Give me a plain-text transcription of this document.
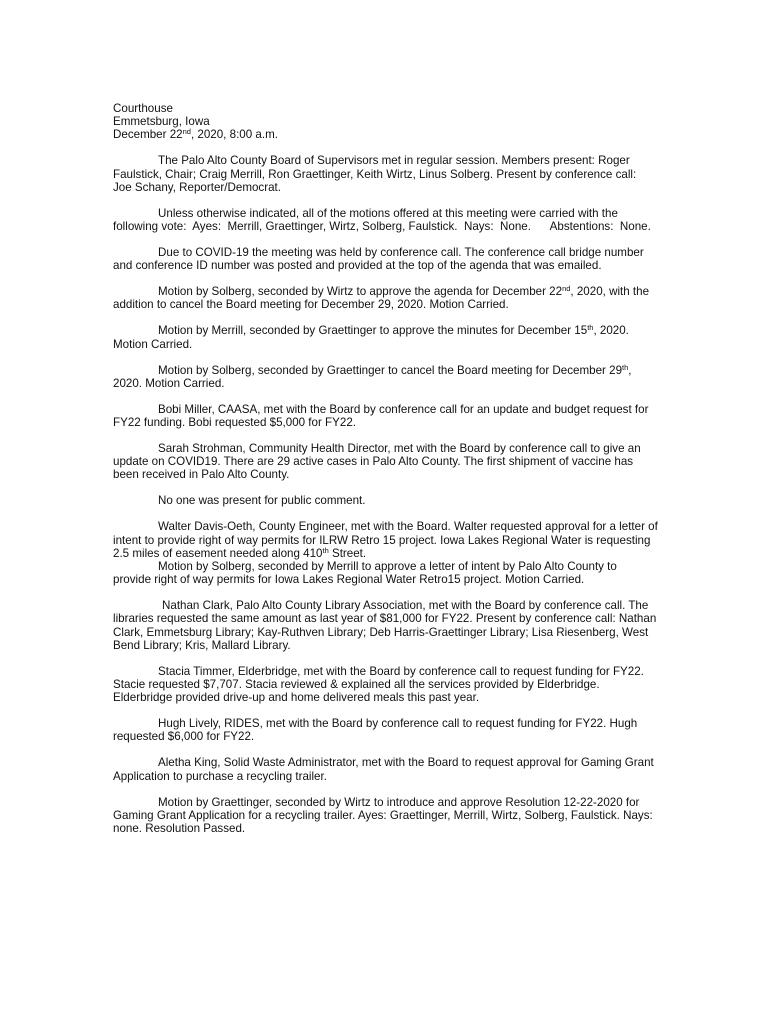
Courthouse
Emmetsburg, Iowa
December 22nd, 2020, 8:00 a.m.

The Palo Alto County Board of Supervisors met in regular session. Members present: Roger Faulstick, Chair; Craig Merrill, Ron Graettinger, Keith Wirtz, Linus Solberg. Present by conference call: Joe Schany, Reporter/Democrat.

Unless otherwise indicated, all of the motions offered at this meeting were carried with the following vote:  Ayes:  Merrill, Graettinger, Wirtz, Solberg, Faulstick.  Nays:  None.      Abstentions:  None.

Due to COVID-19 the meeting was held by conference call. The conference call bridge number and conference ID number was posted and provided at the top of the agenda that was emailed.

Motion by Solberg, seconded by Wirtz to approve the agenda for December 22nd, 2020, with the addition to cancel the Board meeting for December 29, 2020. Motion Carried.

Motion by Merrill, seconded by Graettinger to approve the minutes for December 15th, 2020. Motion Carried.

Motion by Solberg, seconded by Graettinger to cancel the Board meeting for December 29th, 2020. Motion Carried.

Bobi Miller, CAASA, met with the Board by conference call for an update and budget request for FY22 funding. Bobi requested $5,000 for FY22.

Sarah Strohman, Community Health Director, met with the Board by conference call to give an update on COVID19. There are 29 active cases in Palo Alto County. The first shipment of vaccine has been received in Palo Alto County.

No one was present for public comment.

Walter Davis-Oeth, County Engineer, met with the Board. Walter requested approval for a letter of intent to provide right of way permits for ILRW Retro 15 project. Iowa Lakes Regional Water is requesting 2.5 miles of easement needed along 410th Street.

Motion by Solberg, seconded by Merrill to approve a letter of intent by Palo Alto County to provide right of way permits for Iowa Lakes Regional Water Retro15 project. Motion Carried.

Nathan Clark, Palo Alto County Library Association, met with the Board by conference call. The libraries requested the same amount as last year of $81,000 for FY22. Present by conference call: Nathan Clark, Emmetsburg Library; Kay-Ruthven Library; Deb Harris-Graettinger Library; Lisa Riesenberg, West Bend Library; Kris, Mallard Library.

Stacia Timmer, Elderbridge, met with the Board by conference call to request funding for FY22. Stacie requested $7,707. Stacia reviewed & explained all the services provided by Elderbridge. Elderbridge provided drive-up and home delivered meals this past year.

Hugh Lively, RIDES, met with the Board by conference call to request funding for FY22. Hugh requested $6,000 for FY22.

Aletha King, Solid Waste Administrator, met with the Board to request approval for Gaming Grant Application to purchase a recycling trailer.

Motion by Graettinger, seconded by Wirtz to introduce and approve Resolution 12-22-2020 for Gaming Grant Application for a recycling trailer. Ayes: Graettinger, Merrill, Wirtz, Solberg, Faulstick. Nays: none. Resolution Passed.
